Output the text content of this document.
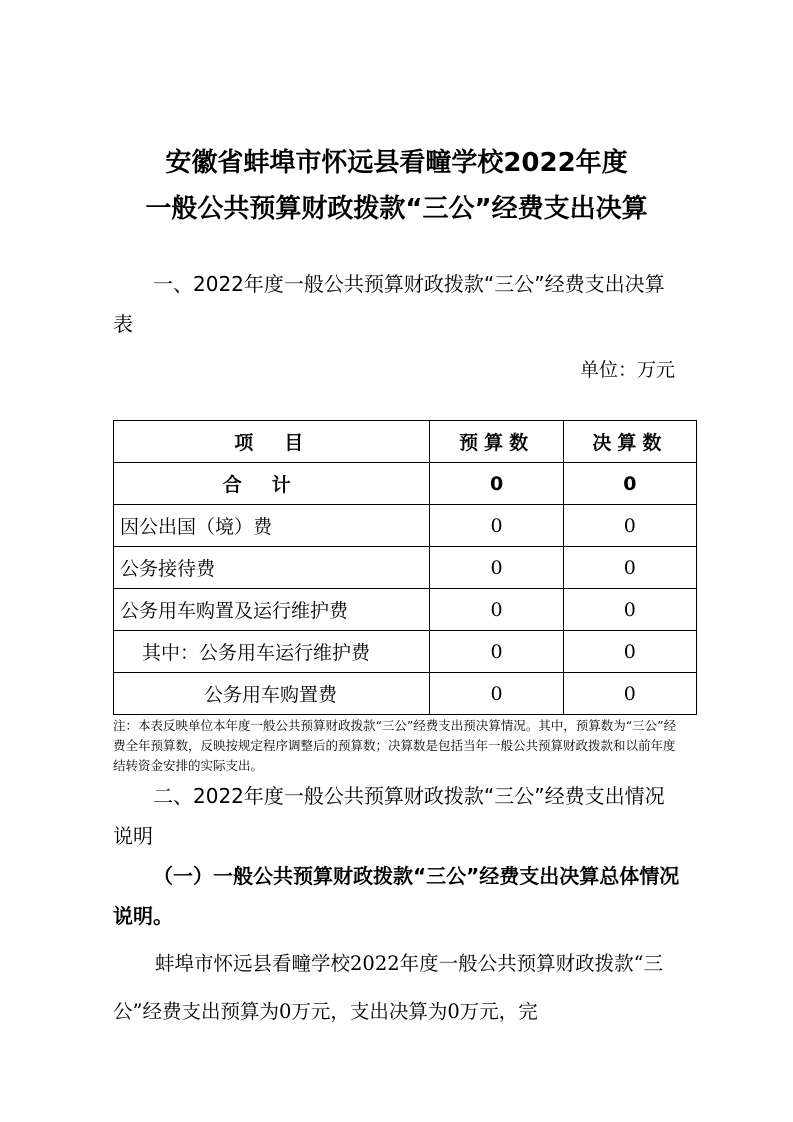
安徽省蚌埠市怀远县看疃学校2022年度
一般公共预算财政拨款“三公”经费支出决算
一、2022年度一般公共预算财政拨款“三公”经费支出决算表
单位：万元
项　目	预算数	决算数
合计	0	0
因公出国（境）费	0	0
公务接待费	0	0
公务用车购置及运行维护费	0	0
其中：公务用车运行维护费	0	0
公务用车购置费	0	0
注：本表反映单位本年度一般公共预算财政拨款“三公”经费支出预决算情况。其中，预算数为“三公”经费全年预算数，反映按规定程序调整后的预算数；决算数是包括当年一般公共预算财政拨款和以前年度结转资金安排的实际支出。
二、2022年度一般公共预算财政拨款“三公”经费支出情况说明
（一）一般公共预算财政拨款“三公”经费支出决算总体情况说明。
蚌埠市怀远县看疃学校2022年度一般公共预算财政拨款“三公”经费支出预算为0万元，支出决算为0万元，完
